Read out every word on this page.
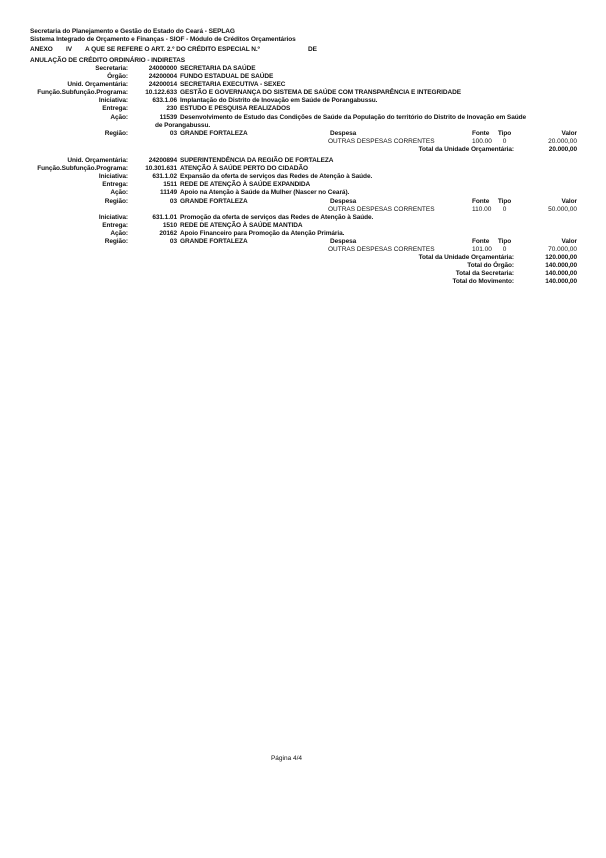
Secretaria do Planejamento e Gestão do Estado do Ceará - SEPLAG
Sistema Integrado de Orçamento e Finanças - SIOF - Módulo de Créditos Orçamentários
ANEXO IV A QUE SE REFERE O ART. 2.º DO CRÉDITO ESPECIAL N.º	DE
ANULAÇÃO DE CRÉDITO ORDINÁRIO - INDIRETAS
Secretaria:	24000000 SECRETARIA DA SAÚDE
Órgão:	24200004 FUNDO ESTADUAL DE SAÚDE
Unid. Orçamentária:	24200014 SECRETARIA EXECUTIVA - SEXEC
Função.Subfunção.Programa:	10.122.633 GESTÃO E GOVERNANÇA DO SISTEMA DE SAÚDE COM TRANSPARÊNCIA E INTEGRIDADE
Iniciativa:	633.1.06 Implantação do Distrito de Inovação em Saúde de Porangabussu.
Entrega:	230 ESTUDO E PESQUISA REALIZADOS
Ação:	11539 Desenvolvimento de Estudo das Condições de Saúde da População do território do Distrito de Inovação em Saúde
de Porangabussu.
Região:	03 GRANDE FORTALEZA	Despesa	Fonte	Tipo	Valor
OUTRAS DESPESAS CORRENTES	100.00	0	20.000,00
Total da Unidade Orçamentária:	20.000,00
Unid. Orçamentária:	24200894 SUPERINTENDÊNCIA DA REGIÃO DE FORTALEZA
Função.Subfunção.Programa:	10.301.631 ATENÇÃO À SAÚDE PERTO DO CIDADÃO
Iniciativa:	631.1.02 Expansão da oferta de serviços das Redes de Atenção à Saúde.
Entrega:	1511 REDE DE ATENÇÃO À SAÚDE EXPANDIDA
Ação:	11149 Apoio na Atenção à Saúde da Mulher (Nascer no Ceará).
Região:	03 GRANDE FORTALEZA	Despesa	Fonte	Tipo	Valor
OUTRAS DESPESAS CORRENTES	110.00	0	50.000,00
Iniciativa:	631.1.01 Promoção da oferta de serviços das Redes de Atenção à Saúde.
Entrega:	1510 REDE DE ATENÇÃO À SAÚDE MANTIDA
Ação:	20162 Apoio Financeiro para Promoção da Atenção Primária.
Região:	03 GRANDE FORTALEZA	Despesa	Fonte	Tipo	Valor
OUTRAS DESPESAS CORRENTES	101.00	0	70.000,00
Total da Unidade Orçamentária:	120.000,00
Total do Órgão:	140.000,00
Total da Secretaria:	140.000,00
Total do Movimento:	140.000,00
Página 4/4
